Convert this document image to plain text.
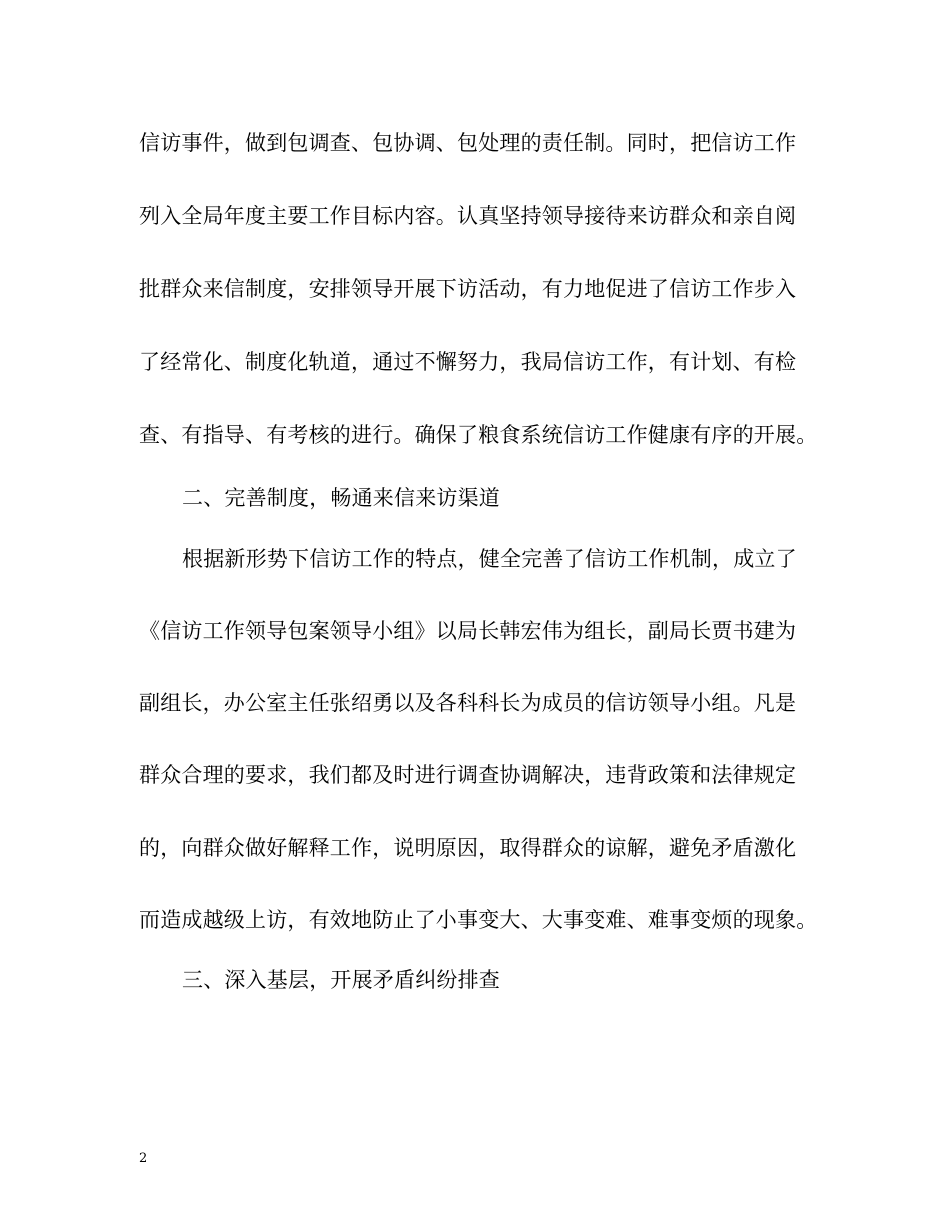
信访事件，做到包调查、包协调、包处理的责任制。同时，把信访工作
列入全局年度主要工作目标内容。认真坚持领导接待来访群众和亲自阅
批群众来信制度，安排领导开展下访活动，有力地促进了信访工作步入
了经常化、制度化轨道，通过不懈努力，我局信访工作，有计划、有检
查、有指导、有考核的进行。确保了粮食系统信访工作健康有序的开展。
二、完善制度，畅通来信来访渠道
根据新形势下信访工作的特点，健全完善了信访工作机制，成立了
《信访工作领导包案领导小组》以局长韩宏伟为组长，副局长贾书建为
副组长，办公室主任张绍勇以及各科科长为成员的信访领导小组。凡是
群众合理的要求，我们都及时进行调查协调解决，违背政策和法律规定
的，向群众做好解释工作，说明原因，取得群众的谅解，避免矛盾激化
而造成越级上访，有效地防止了小事变大、大事变难、难事变烦的现象。
三、深入基层，开展矛盾纠纷排查
2
